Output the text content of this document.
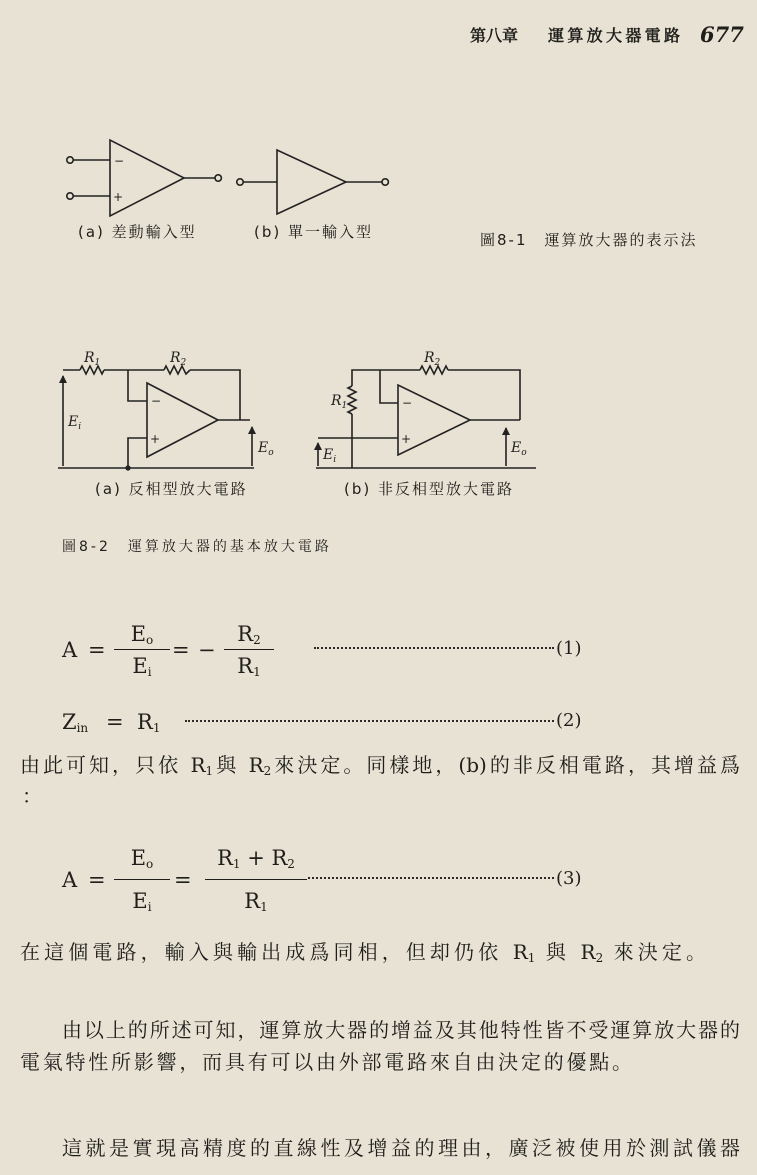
第八章 運算放大器電路 677
−
+
(a) 差動輸入型	(b) 單一輸入型	圖8-1　運算放大器的表示法
$R_1$	$R_2$
$E_i$
$E_o$
−
+
$R_2$
$R_1$
$E_i$
$E_o$
−
+
(a) 反相型放大電路	(b) 非反相型放大電路
圖8-2　運算放大器的基本放大電路
A =
Eo
Ei
= −
R2
R1
(1)
Zin = R1	(2)
由此可知，只依 R1與 R2來決定。同樣地，(b)的非反相電路，其增益爲
：
A =
Eo
Ei
=
R1 + R2
R1
(3)
在這個電路，輸入與輸出成爲同相，但却仍依 R1 與 R2 來決定。
由以上的所述可知，運算放大器的增益及其他特性皆不受運算放大器的
電氣特性所影響，而具有可以由外部電路來自由決定的優點。
這就是實現高精度的直線性及增益的理由，廣泛被使用於測試儀器
